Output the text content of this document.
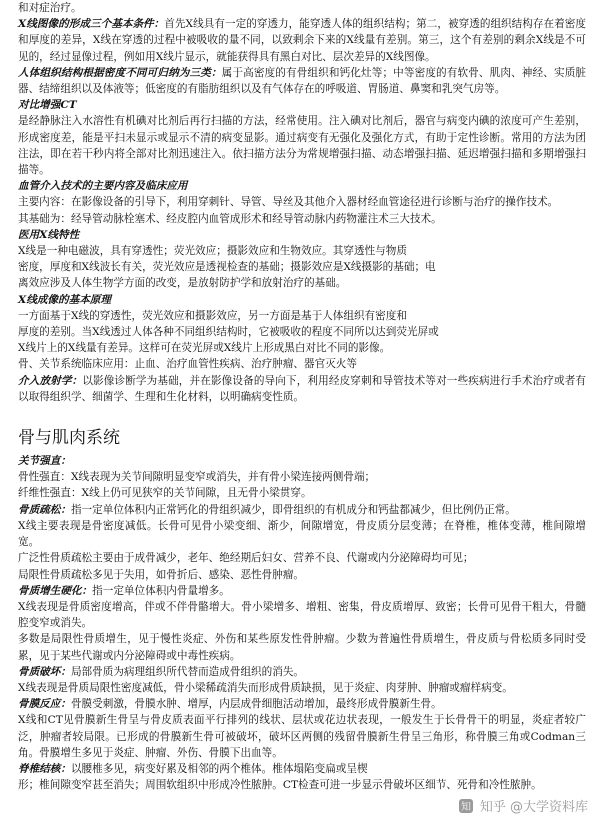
和对症治疗。

X线图像的形成三个基本条件：首先X线具有一定的穿透力，能穿透人体的组织结构；第二，被穿透的组织结构存在着密度和厚度的差异，X线在穿透的过程中被吸收的量不同，以致剩余下来的X线量有差别。第三，这个有差别的剩余X线是不可见的，经过显像过程，例如用X线片显示，就能获得具有黑白对比、层次差异的X线图像。

人体组织结构根据密度不同可归纳为三类：属于高密度的有骨组织和钙化灶等；中等密度的有软骨、肌肉、神经、实质脏器、结缔组织以及体液等；低密度的有脂肪组织以及有气体存在的呼吸道、胃肠道、鼻窦和乳突气房等。

对比增强CT

是经静脉注入水溶性有机碘对比剂后再行扫描的方法，经常使用。注入碘对比剂后，器官与病变内碘的浓度可产生差别，形成密度差，能是平扫未显示或显示不清的病变显影。通过病变有无强化及强化方式，有助于定性诊断。常用的方法为团注法，即在若干秒内将全部对比剂迅速注入。依扫描方法分为常规增强扫描、动态增强扫描、延迟增强扫描和多期增强扫描等。

血管介入技术的主要内容及临床应用

主要内容：在影像设备的引导下，利用穿刺针、导管、导丝及其他介入器材经血管途径进行诊断与治疗的操作技术。

其基础为：经导管动脉栓塞术、经皮腔内血管成形术和经导管动脉内药物灌注术三大技术。

医用X线特性

X线是一种电磁波，具有穿透性；荧光效应；摄影效应和生物效应。其穿透性与物质

密度，厚度和X线波长有关，荧光效应是透视检查的基础；摄影效应是X线摄影的基础；电

离效应涉及人体生物学方面的改变，是放射防护学和放射治疗的基础。

X线成像的基本原理

一方面基于X线的穿透性，荧光效应和摄影效应，另一方面是基于人体组织有密度和

厚度的差别。当X线透过人体各种不同组织结构时，它被吸收的程度不同所以达到荧光屏或

X线片上的X线量有差异。这样可在荧光屏或X线片上形成黑白对比不同的影像。

骨、关节系统临床应用：止血、治疗血管性疾病、治疗肿瘤、器官灭火等

介入放射学：以影像诊断学为基础，并在影像设备的导向下，利用经皮穿刺和导管技术等对一些疾病进行手术治疗或者有以取得组织学、细菌学、生理和生化材料，以明确病变性质。

骨与肌肉系统

关节强直：

骨性强直：X线表现为关节间隙明显变窄或消失，并有骨小梁连接两侧骨端；

纤维性强直：X线上仍可见狭窄的关节间隙，且无骨小梁贯穿。

骨质疏松：指一定单位体积内正常钙化的骨组织减少，即骨组织的有机成分和钙盐都减少，但比例仍正常。

X线主要表现是骨密度减低。长骨可见骨小梁变细、渐少，间隙增宽，骨皮质分层变薄；在脊椎，椎体变薄，椎间隙增宽。

广泛性骨质疏松主要由于成骨减少，老年、绝经期后妇女、营养不良、代谢或内分泌障碍均可见；

局限性骨质疏松多见于失用，如骨折后、感染、恶性骨肿瘤。

骨质增生硬化：指一定单位体积内骨量增多。

X线表现是骨质密度增高，伴或不伴骨骼增大。骨小梁增多、增粗、密集，骨皮质增厚、致密；长骨可见骨干粗大，骨髓腔变窄或消失。

多数是局限性骨质增生，见于慢性炎症、外伤和某些原发性骨肿瘤。少数为普遍性骨质增生，骨皮质与骨松质多同时受累，见于某些代谢或内分泌障碍或中毒性疾病。

骨质破坏：局部骨质为病理组织所代替而造成骨组织的消失。

X线表现是骨质局限性密度减低，骨小梁稀疏消失而形成骨质缺损，见于炎症、肉芽肿、肿瘤或瘤样病变。

骨膜反应：骨膜受刺激，骨膜水肿、增厚，内层成骨细胞活动增加，最终形成骨膜新生骨。

X线和CT见骨膜新生骨呈与骨皮质表面平行排列的线状、层状或花边状表现，一般发生于长骨骨干的明显，炎症者较广泛，肿瘤者较局限。已形成的骨膜新生骨可被破坏，破坏区两侧的残留骨膜新生骨呈三角形，称骨膜三角或Codman三角。骨膜增生多见于炎症、肿瘤、外伤、骨膜下出血等。

脊椎结核：以腰椎多见，病变好累及相邻的两个椎体。椎体塌陷变扁或呈楔

形；椎间隙变窄甚至消失；周围软组织中形成冷性脓肿。CT检查可进一步显示骨破坏区细节、死骨和冷性脓肿。

知 知乎 @大学资料库
